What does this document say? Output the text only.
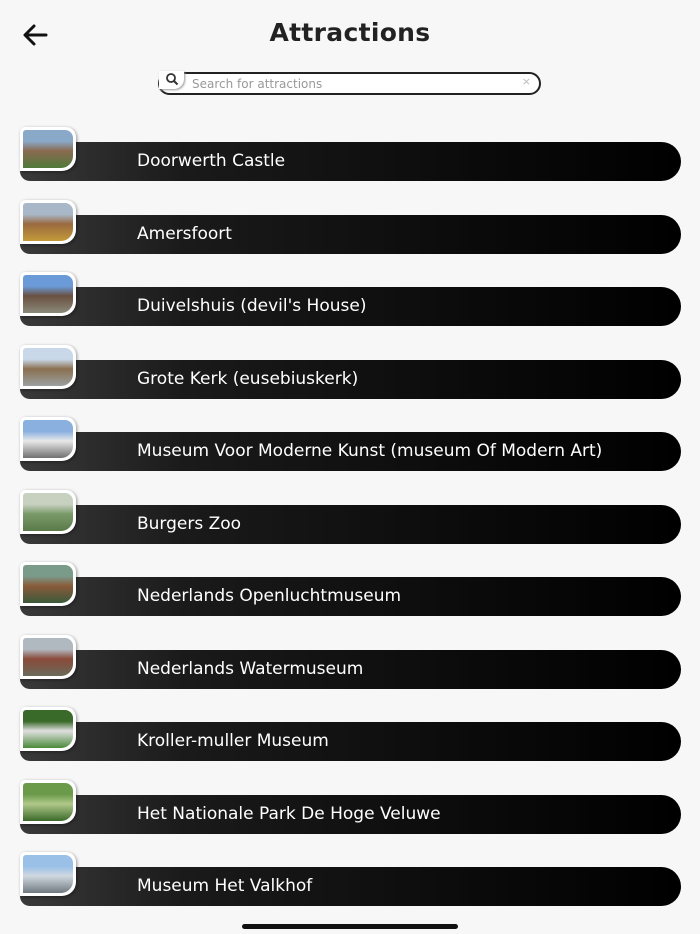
Attractions
Search for attractions
×
Doorwerth Castle
Amersfoort
Duivelshuis (devil's House)
Grote Kerk (eusebiuskerk)
Museum Voor Moderne Kunst (museum Of Modern Art)
Burgers Zoo
Nederlands Openluchtmuseum
Nederlands Watermuseum
Kroller-muller Museum
Het Nationale Park De Hoge Veluwe
Museum Het Valkhof
